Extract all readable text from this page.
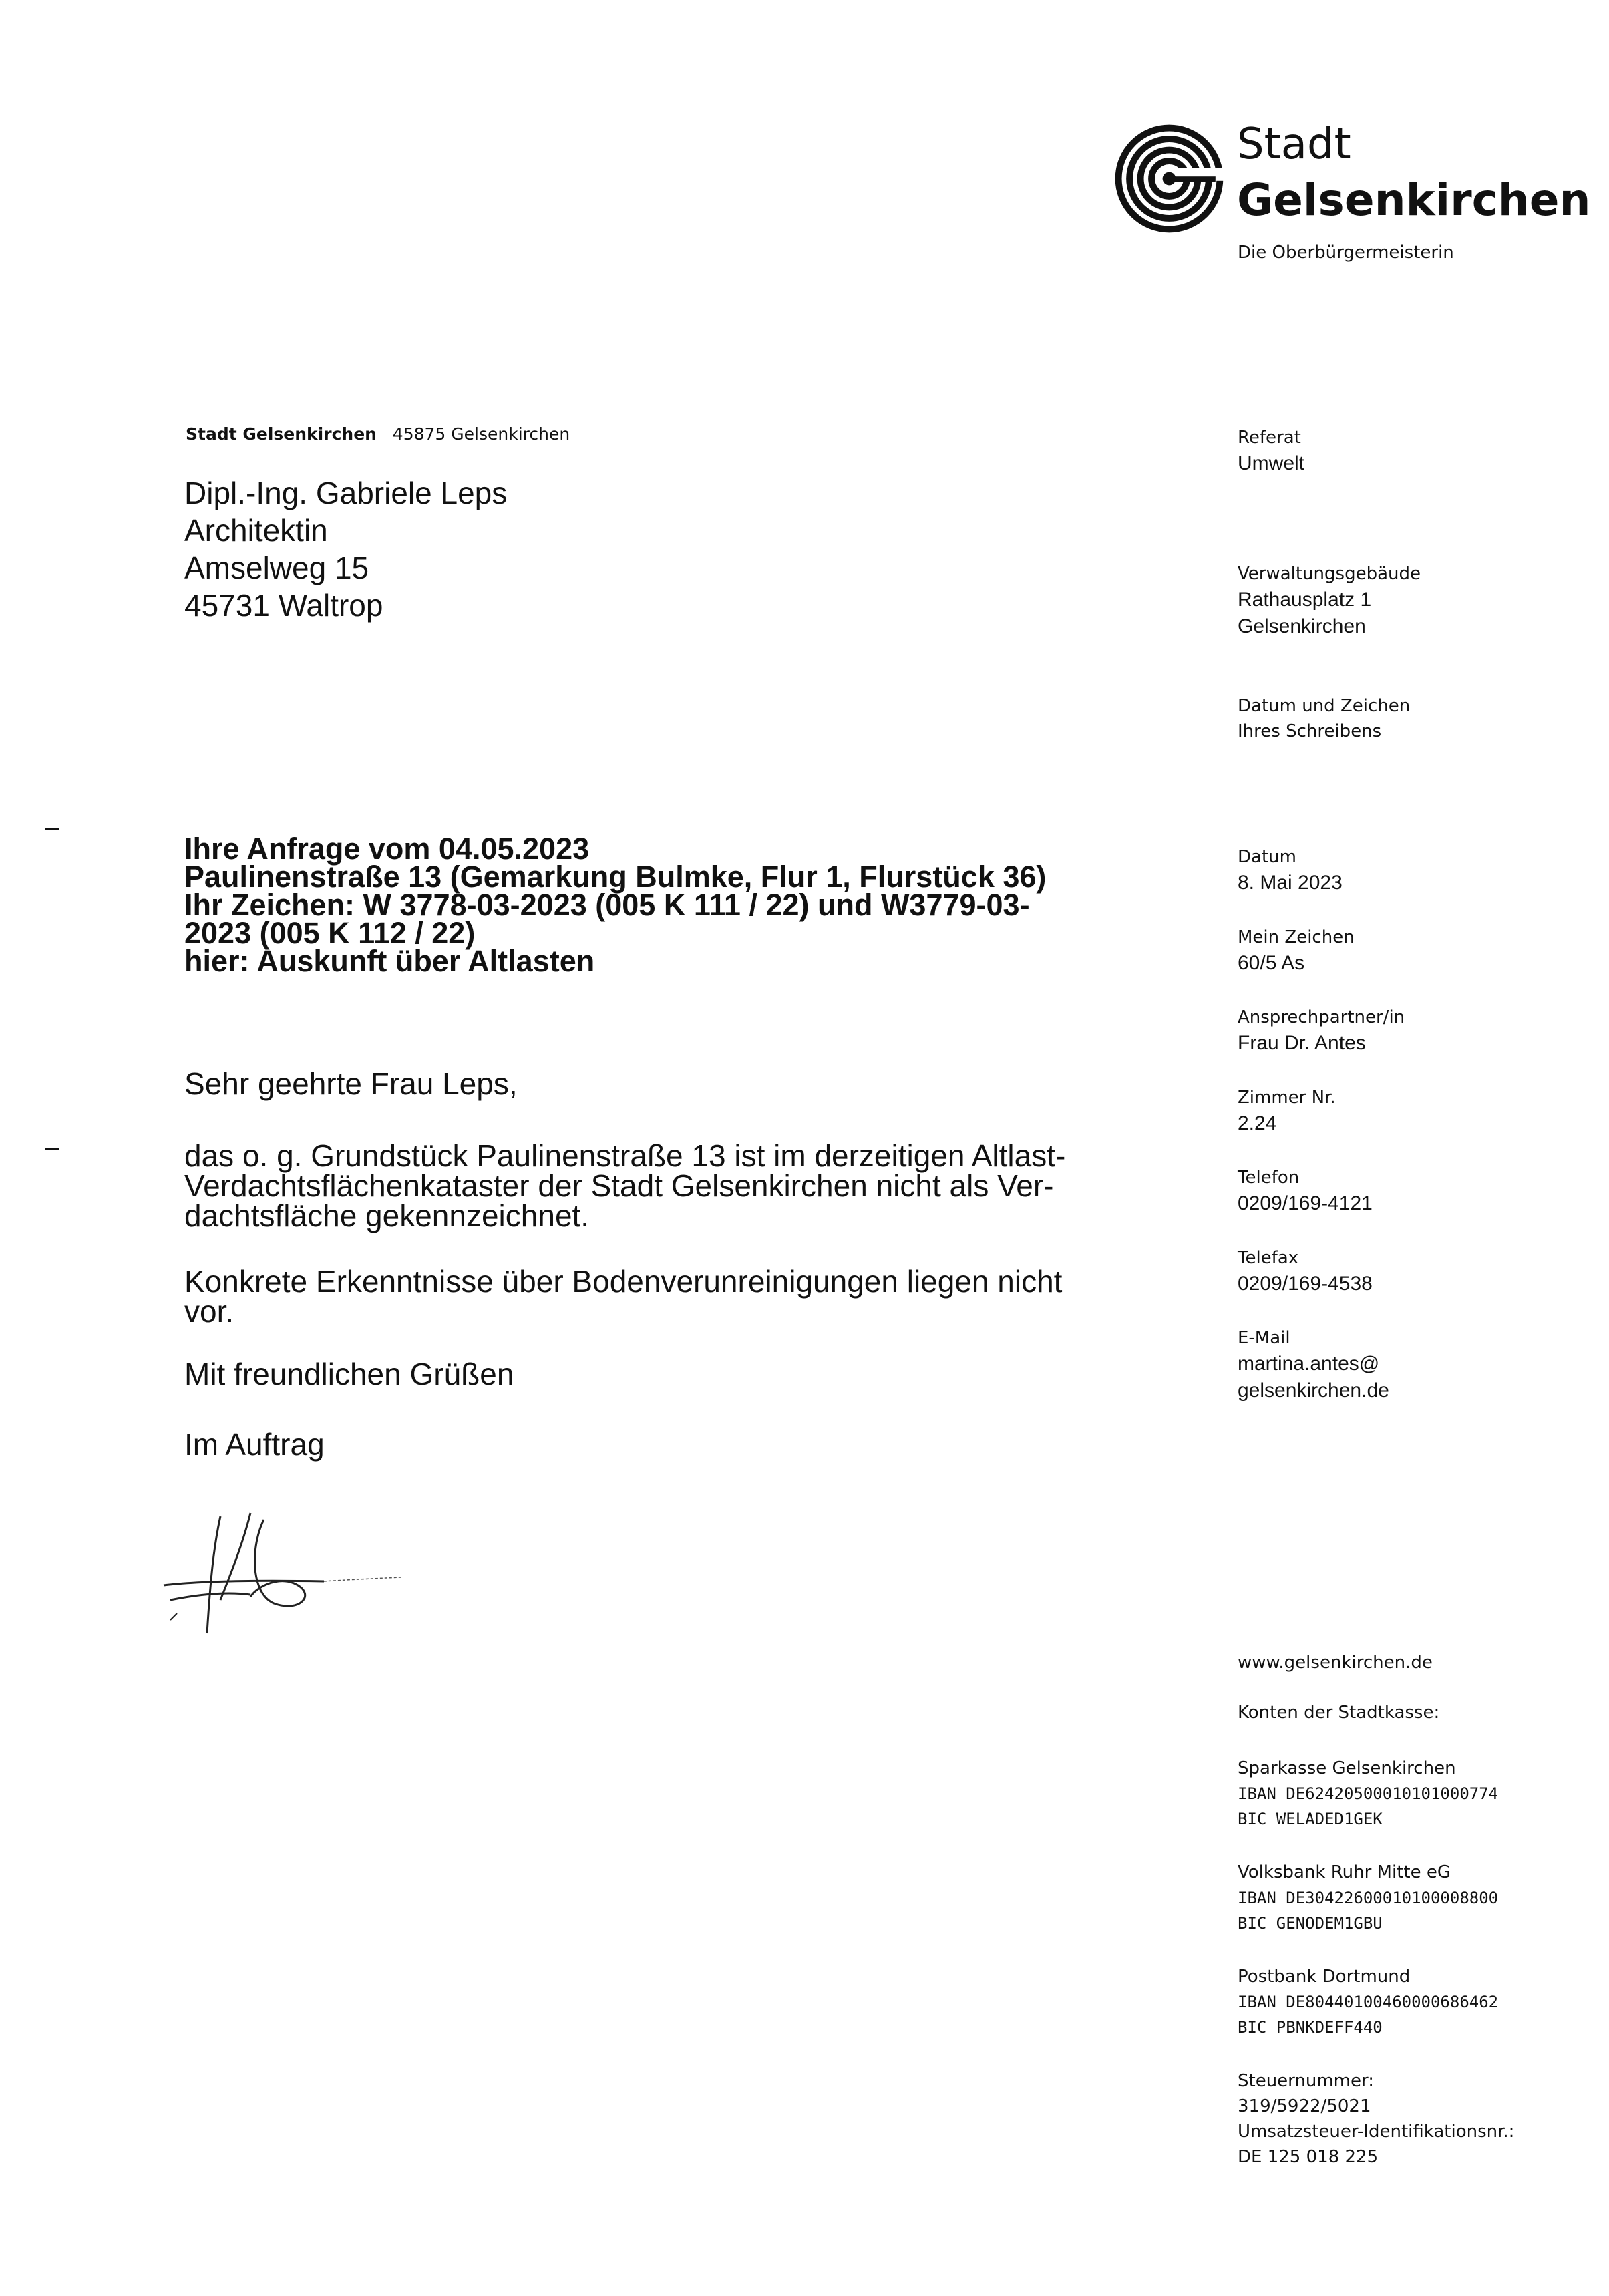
Stadt
Gelsenkirchen
Die Oberbürgermeisterin
Stadt Gelsenkirchen 45875 Gelsenkirchen
Dipl.-Ing. Gabriele Leps
Architektin
Amselweg 15
45731 Waltrop
Ihre Anfrage vom 04.05.2023
Paulinenstraße 13 (Gemarkung Bulmke, Flur 1, Flurstück 36)
Ihr Zeichen: W 3778-03-2023 (005 K 111 / 22) und W3779-03-
2023 (005 K 112 / 22)
hier: Auskunft über Altlasten
Sehr geehrte Frau Leps,
das o. g. Grundstück Paulinenstraße 13 ist im derzeitigen Altlast-
Verdachtsflächenkataster der Stadt Gelsenkirchen nicht als Ver-
dachtsfläche gekennzeichnet.
Konkrete Erkenntnisse über Bodenverunreinigungen liegen nicht
vor.
Mit freundlichen Grüßen
Im Auftrag
Referat
Umwelt
Verwaltungsgebäude
Rathausplatz 1
Gelsenkirchen
Datum und Zeichen
Ihres Schreibens
Datum
8. Mai 2023
Mein Zeichen
60/5 As
Ansprechpartner/in
Frau Dr. Antes
Zimmer Nr.
2.24
Telefon
0209/169-4121
Telefax
0209/169-4538
E-Mail
martina.antes@
gelsenkirchen.de
www.gelsenkirchen.de
Konten der Stadtkasse:
Sparkasse Gelsenkirchen
IBAN DE62420500010101000774
BIC WELADED1GEK
Volksbank Ruhr Mitte eG
IBAN DE30422600010100008800
BIC GENODEM1GBU
Postbank Dortmund
IBAN DE80440100460000686462
BIC PBNKDEFF440
Steuernummer:
319/5922/5021
Umsatzsteuer-Identifikationsnr.:
DE 125 018 225
